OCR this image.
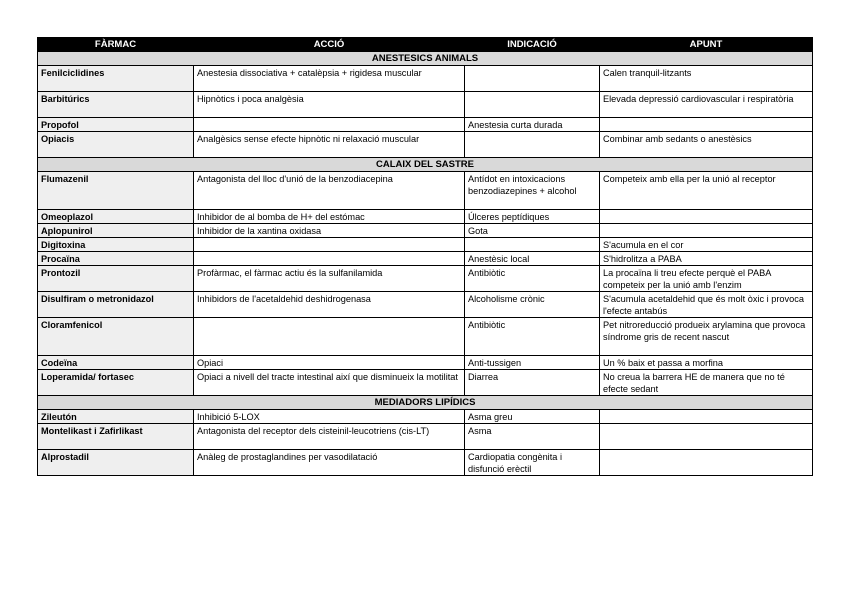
FÀRMAC	ACCIÓ	INDICACIÓ	APUNT
ANESTESICS ANIMALS			
Fenilciclidines	Anestesia dissociativa + catalèpsia + rigidesa muscular		Calen tranquil-litzants
Barbitúrics	Hipnòtics i poca analgèsia		Elevada depressió cardiovascular i respiratòria
Propofol		Anestesia curta durada	
Opiacis	Analgèsics sense efecte hipnòtic ni relaxació muscular		Combinar amb sedants o anestèsics
CALAIX DEL SASTRE			
Flumazenil	Antagonista del lloc d'unió de la benzodiacepina	Antídot en intoxicacions benzodiazepines + alcohol	Competeix amb ella per la unió al receptor
Omeoplazol	Inhibidor de al bomba de H+ del estómac	Úlceres peptídiques	
Aplopunirol	Inhibidor de la xantina oxidasa	Gota	
Digitoxina			S'acumula en el cor
Procaïna		Anestèsic local	S'hidrolitza a PABA
Prontozil	Profàrmac, el fàrmac actiu és la sulfanilamida	Antibiòtic	La procaïna li treu efecte perquè el PABA competeix per la unió amb l'enzim
Disulfiram o metronidazol	Inhibidors de l'acetaldehid deshidrogenasa	Alcoholisme crònic	S'acumula acetaldehid que és molt òxic i provoca l'efecte antabús
Cloramfenicol		Antibiòtic	Pet nitroreducció produeix arylamina que provoca síndrome gris de recent nascut
Codeïna	Opiaci	Anti-tussigen	Un % baix et passa a morfina
Loperamida/ fortasec	Opiaci a nivell del tracte intestinal així que disminueix la motilitat	Diarrea	No creua la barrera HE de manera que no té efecte sedant
MEDIADORS LIPÍDICS			
Zileutón	Inhibició 5-LOX	Asma greu	
Montelikast i Zafirlikast	Antagonista del receptor dels cisteinil-leucotriens (cis-LT)	Asma	
Alprostadil	Anàleg de prostaglandines per vasodilatació	Cardiopatia congènita i disfunció erèctil	
